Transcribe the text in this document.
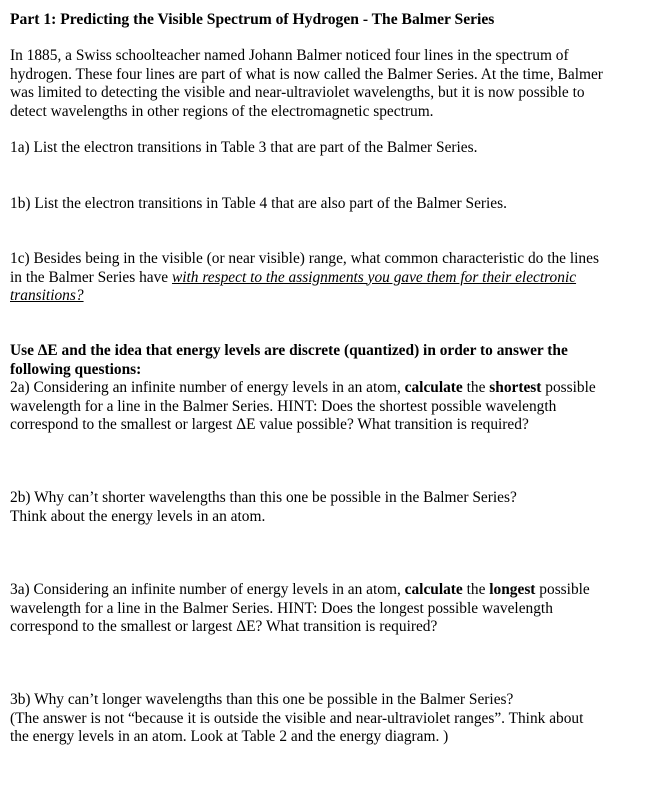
Part 1: Predicting the Visible Spectrum of Hydrogen - The Balmer Series

In 1885, a Swiss schoolteacher named Johann Balmer noticed four lines in the spectrum of

hydrogen. These four lines are part of what is now called the Balmer Series. At the time, Balmer

was limited to detecting the visible and near-ultraviolet wavelengths, but it is now possible to

detect wavelengths in other regions of the electromagnetic spectrum.

1a) List the electron transitions in Table 3 that are part of the Balmer Series.
1b) List the electron transitions in Table 4 that are also part of the Balmer Series.

1c) Besides being in the visible (or near visible) range, what common characteristic do the lines

in the Balmer Series have with respect to the assignments you gave them for their electronic

transitions?

Use ΔE and the idea that energy levels are discrete (quantized) in order to answer the

following questions:

2a) Considering an infinite number of energy levels in an atom, calculate the shortest possible

wavelength for a line in the Balmer Series. HINT: Does the shortest possible wavelength

correspond to the smallest or largest ΔE value possible? What transition is required?

2b) Why can’t shorter wavelengths than this one be possible in the Balmer Series?

Think about the energy levels in an atom.

3a) Considering an infinite number of energy levels in an atom, calculate the longest possible

wavelength for a line in the Balmer Series. HINT: Does the longest possible wavelength

correspond to the smallest or largest ΔE? What transition is required?

3b) Why can’t longer wavelengths than this one be possible in the Balmer Series?

(The answer is not “because it is outside the visible and near-ultraviolet ranges”. Think about

the energy levels in an atom. Look at Table 2 and the energy diagram. )
